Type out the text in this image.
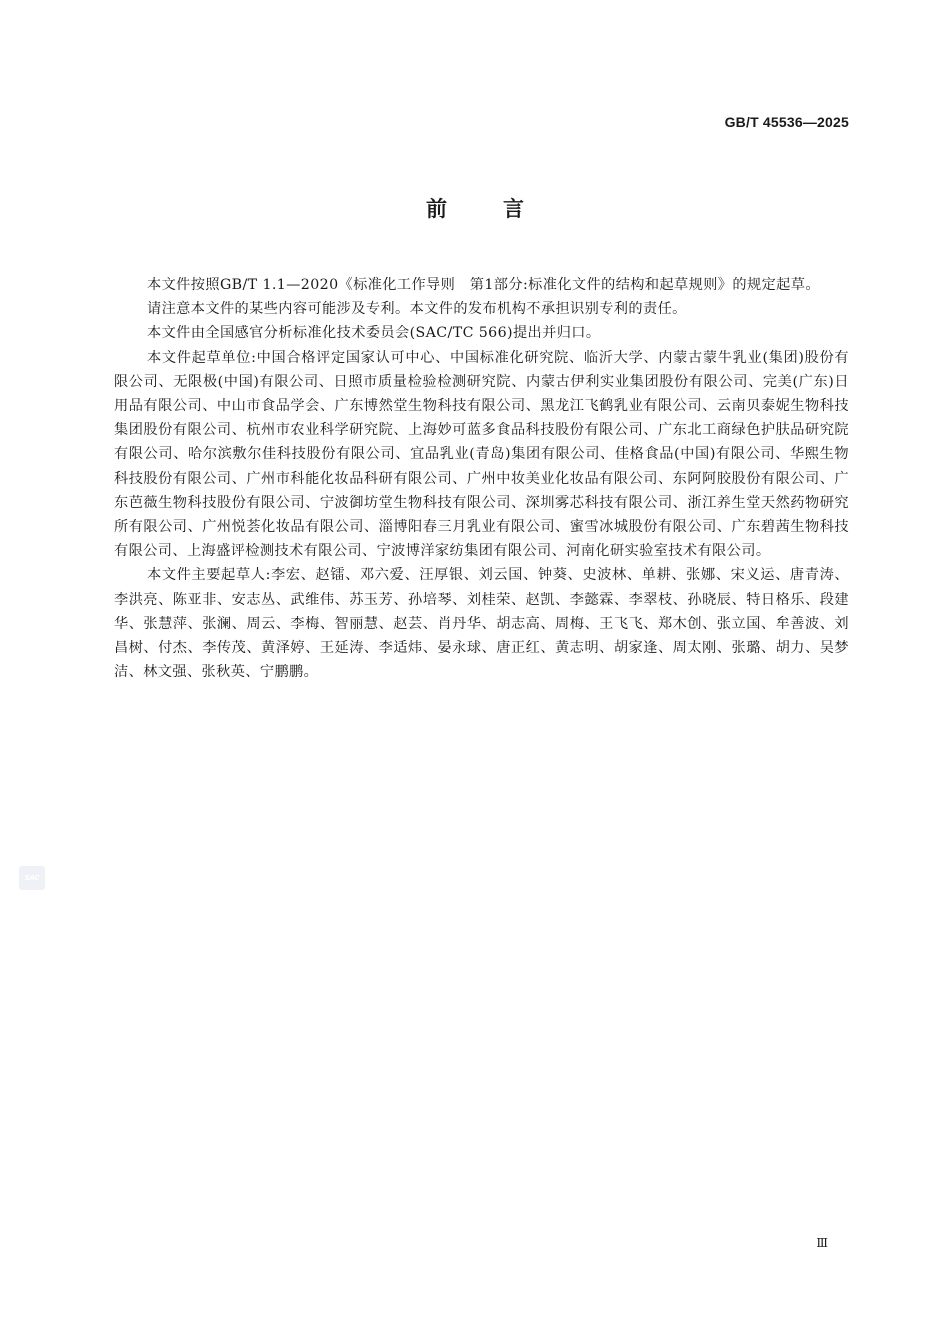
GB/T 45536—2025
前言

本文件按照GB/T 1.1—2020《标准化工作导则　第1部分:标准化文件的结构和起草规则》的规定起草。

请注意本文件的某些内容可能涉及专利。本文件的发布机构不承担识别专利的责任。

本文件由全国感官分析标准化技术委员会(SAC/TC 566)提出并归口。

本文件起草单位:中国合格评定国家认可中心、中国标准化研究院、临沂大学、内蒙古蒙牛乳业(集团)股份有限公司、无限极(中国)有限公司、日照市质量检验检测研究院、内蒙古伊利实业集团股份有限公司、完美(广东)日用品有限公司、中山市食品学会、广东博然堂生物科技有限公司、黑龙江飞鹤乳业有限公司、云南贝泰妮生物科技集团股份有限公司、杭州市农业科学研究院、上海妙可蓝多食品科技股份有限公司、广东北工商绿色护肤品研究院有限公司、哈尔滨敷尔佳科技股份有限公司、宜品乳业(青岛)集团有限公司、佳格食品(中国)有限公司、华熙生物科技股份有限公司、广州市科能化妆品科研有限公司、广州中妆美业化妆品有限公司、东阿阿胶股份有限公司、广东芭薇生物科技股份有限公司、宁波御坊堂生物科技有限公司、深圳雾芯科技有限公司、浙江养生堂天然药物研究所有限公司、广州悦荟化妆品有限公司、淄博阳春三月乳业有限公司、蜜雪冰城股份有限公司、广东碧茜生物科技有限公司、上海盛评检测技术有限公司、宁波博洋家纺集团有限公司、河南化研实验室技术有限公司。

本文件主要起草人:李宏、赵镭、邓六爱、汪厚银、刘云国、钟葵、史波林、单耕、张娜、宋义运、唐青涛、李洪亮、陈亚非、安志丛、武维伟、苏玉芳、孙培琴、刘桂荣、赵凯、李懿霖、李翠枝、孙晓辰、特日格乐、段建华、张慧萍、张澜、周云、李梅、智丽慧、赵芸、肖丹华、胡志高、周梅、王飞飞、郑木创、张立国、牟善波、刘昌树、付杰、李传茂、黄泽婷、王延涛、李适炜、晏永球、唐正红、黄志明、胡家逢、周太刚、张璐、胡力、吴梦洁、林文强、张秋英、宁鹏鹏。

SAC
Ⅲ
